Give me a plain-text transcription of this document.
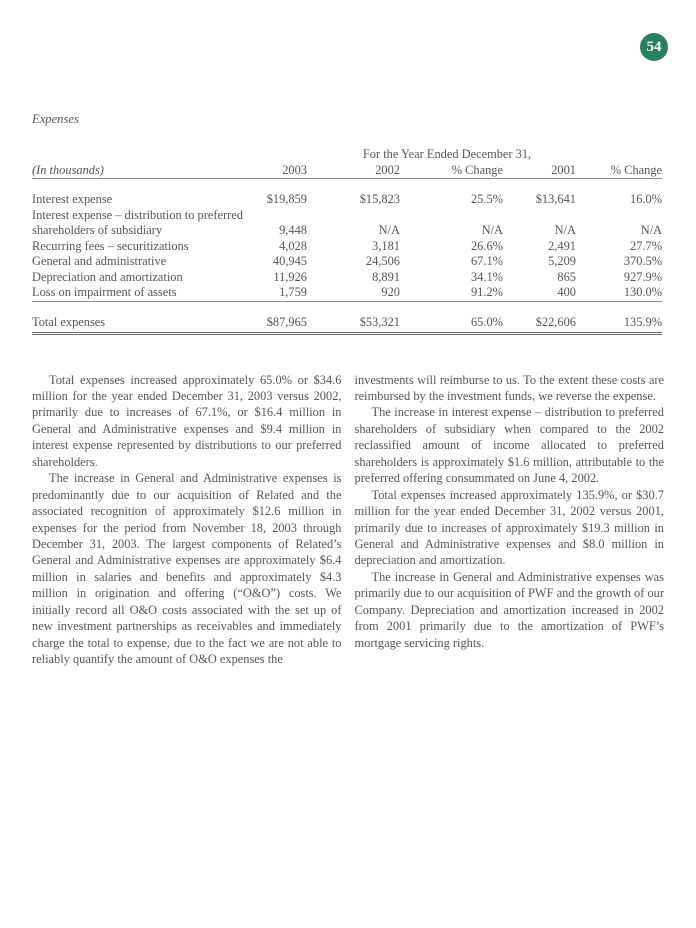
54
Expenses
	For the Year Ended December 31,				
(In thousands)	2003	2002	% Change	2001	% Change

Interest expense	$19,859	$15,823	25.5%	$13,641	16.0%
Interest expense – distribution to preferred					
shareholders of subsidiary	9,448	N/A	N/A	N/A	N/A
Recurring fees – securitizations	4,028	3,181	26.6%	2,491	27.7%
General and administrative	40,945	24,506	67.1%	5,209	370.5%
Depreciation and amortization	11,926	8,891	34.1%	865	927.9%
Loss on impairment of assets	1,759	920	91.2%	400	130.0%

Total expenses	$87,965	$53,321	65.0%	$22,606	135.9%

Total expenses increased approximately 65.0% or $34.6 million for the year ended December 31, 2003 versus 2002, primarily due to increases of 67.1%, or $16.4 million in General and Administrative expenses and $9.4 million in interest expense represented by distributions to our preferred shareholders.

The increase in General and Administrative expenses is predominantly due to our acquisition of Related and the associated recognition of approximately $12.6 million in expenses for the period from November 18, 2003 through December 31, 2003. The largest components of Related’s General and Administrative expenses are approximately $6.4 million in salaries and benefits and approximately $4.3 million in origination and offering (“O&O”) costs. We initially record all O&O costs associated with the set up of new investment partnerships as receivables and immediately charge the total to expense, due to the fact we are not able to reliably quantify the amount of O&O expenses the

investments will reimburse to us. To the extent these costs are reimbursed by the investment funds, we reverse the expense.

The increase in interest expense – distribution to preferred shareholders of subsidiary when compared to the 2002 reclassified amount of income allocated to preferred shareholders is approximately $1.6 million, attributable to the preferred offering consummated on June 4, 2002.

Total expenses increased approximately 135.9%, or $30.7 million for the year ended December 31, 2002 versus 2001, primarily due to increases of approximately $19.3 million in General and Administrative expenses and $8.0 million in depreciation and amortization.

The increase in General and Administrative expenses was primarily due to our acquisition of PWF and the growth of our Company. Depreciation and amortization increased in 2002 from 2001 primarily due to the amortization of PWF’s mortgage servicing rights.
